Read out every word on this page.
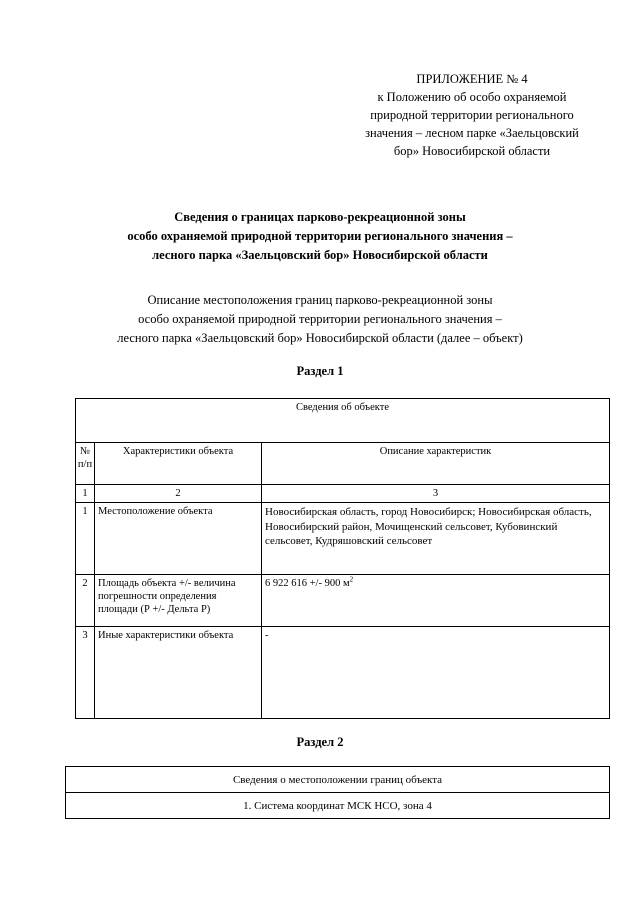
ПРИЛОЖЕНИЕ № 4
к Положению об особо охраняемой
природной территории регионального
значения – лесном парке «Заельцовский
бор» Новосибирской области
Сведения о границах парково-рекреационной зоны
особо охраняемой природной территории регионального значения –
лесного парка «Заельцовский бор» Новосибирской области
Описание местоположения границ парково-рекреационной зоны
особо охраняемой природной территории регионального значения –
лесного парка «Заельцовский бор» Новосибирской области (далее – объект)
Раздел 1
Сведения об объекте		
№ п/п	Характеристики объекта	Описание характеристик
1	2	3
1	Местоположение объекта	Новосибирская область, город Новосибирск; Новосибирская область, Новосибирский район, Мочищенский сельсовет, Кубовинский сельсовет, Кудряшовский сельсовет
2	Площадь объекта +/- величина погрешности определения площади (Р +/- Дельта Р)	6 922 616 +/- 900 $м^2$
3	Иные характеристики объекта	-
Раздел 2
Сведения о местоположении границ объекта
1. Система координат МСК НСО, зона 4
